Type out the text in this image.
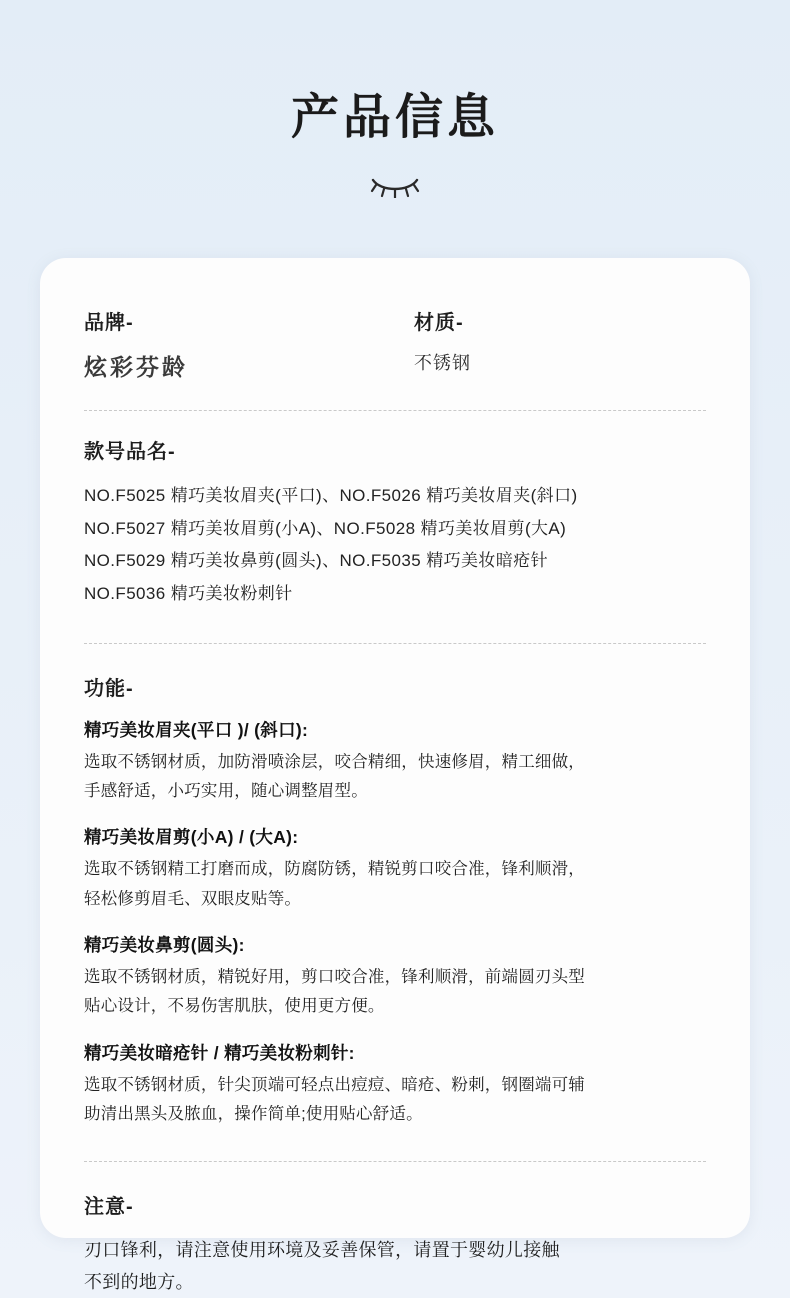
产品信息
品牌-
炫彩芬龄
材质-
不锈钢
款号品名-

NO.F5025 精巧美妆眉夹(平口)、NO.F5026 精巧美妆眉夹(斜口)

NO.F5027 精巧美妆眉剪(小A)、NO.F5028 精巧美妆眉剪(大A)

NO.F5029 精巧美妆鼻剪(圆头)、NO.F5035 精巧美妆暗疮针

NO.F5036 精巧美妆粉刺针

功能-
精巧美妆眉夹(平口 )/ (斜口):
选取不锈钢材质，加防滑喷涂层，咬合精细，快速修眉，精工细做，
手感舒适，小巧实用，随心调整眉型。
精巧美妆眉剪(小A) / (大A):
选取不锈钢精工打磨而成，防腐防锈，精锐剪口咬合准，锋利顺滑，
轻松修剪眉毛、双眼皮贴等。
精巧美妆鼻剪(圆头):
选取不锈钢材质，精锐好用，剪口咬合准，锋利顺滑，前端圆刃头型
贴心设计，不易伤害肌肤，使用更方便。
精巧美妆暗疮针 / 精巧美妆粉刺针:
选取不锈钢材质，针尖顶端可轻点出痘痘、暗疮、粉刺，钢圈端可辅
助清出黑头及脓血，操作简单;使用贴心舒适。
注意-
刃口锋利，请注意使用环境及妥善保管，请置于婴幼儿接触
不到的地方。
